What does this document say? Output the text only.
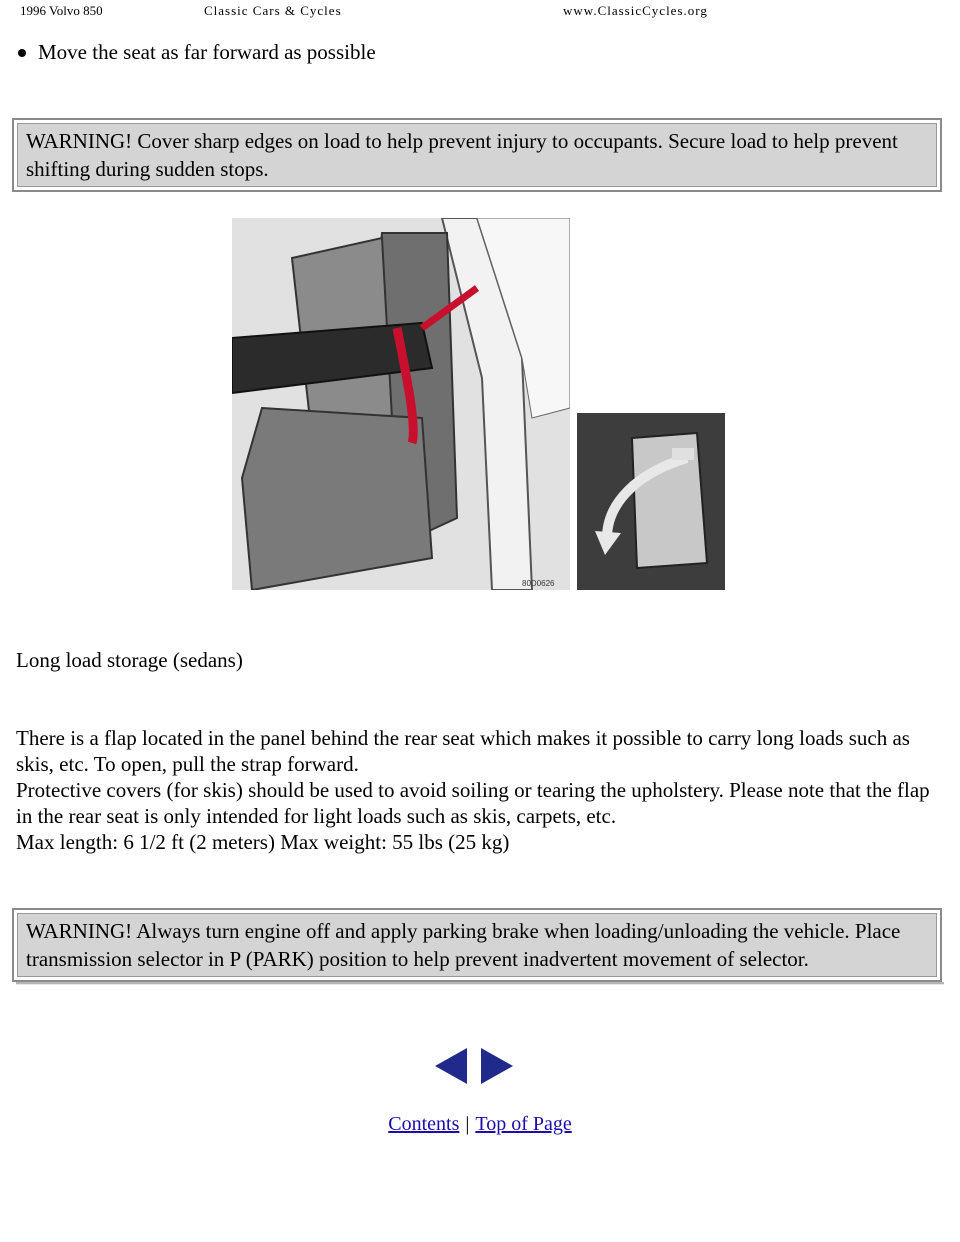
1996 Volvo 850	Classic Cars & Cycles	www.ClassicCycles.org
Move the seat as far forward as possible
WARNING! Cover sharp edges on load to help prevent injury to occupants. Secure load to help prevent shifting during sudden stops.
80D0626
Long load storage (sedans)

There is a flap located in the panel behind the rear seat which makes it possible to carry long loads such as skis, etc. To open, pull the strap forward.

Protective covers (for skis) should be used to avoid soiling or tearing the upholstery. Please note that the flap in the rear seat is only intended for light loads such as skis, carpets, etc.

Max length: 6 1/2 ft (2 meters) Max weight: 55 lbs (25 kg)

WARNING! Always turn engine off and apply parking brake when loading/unloading the vehicle. Place transmission selector in P (PARK) position to help prevent inadvertent movement of selector.
Contents | Top of Page
